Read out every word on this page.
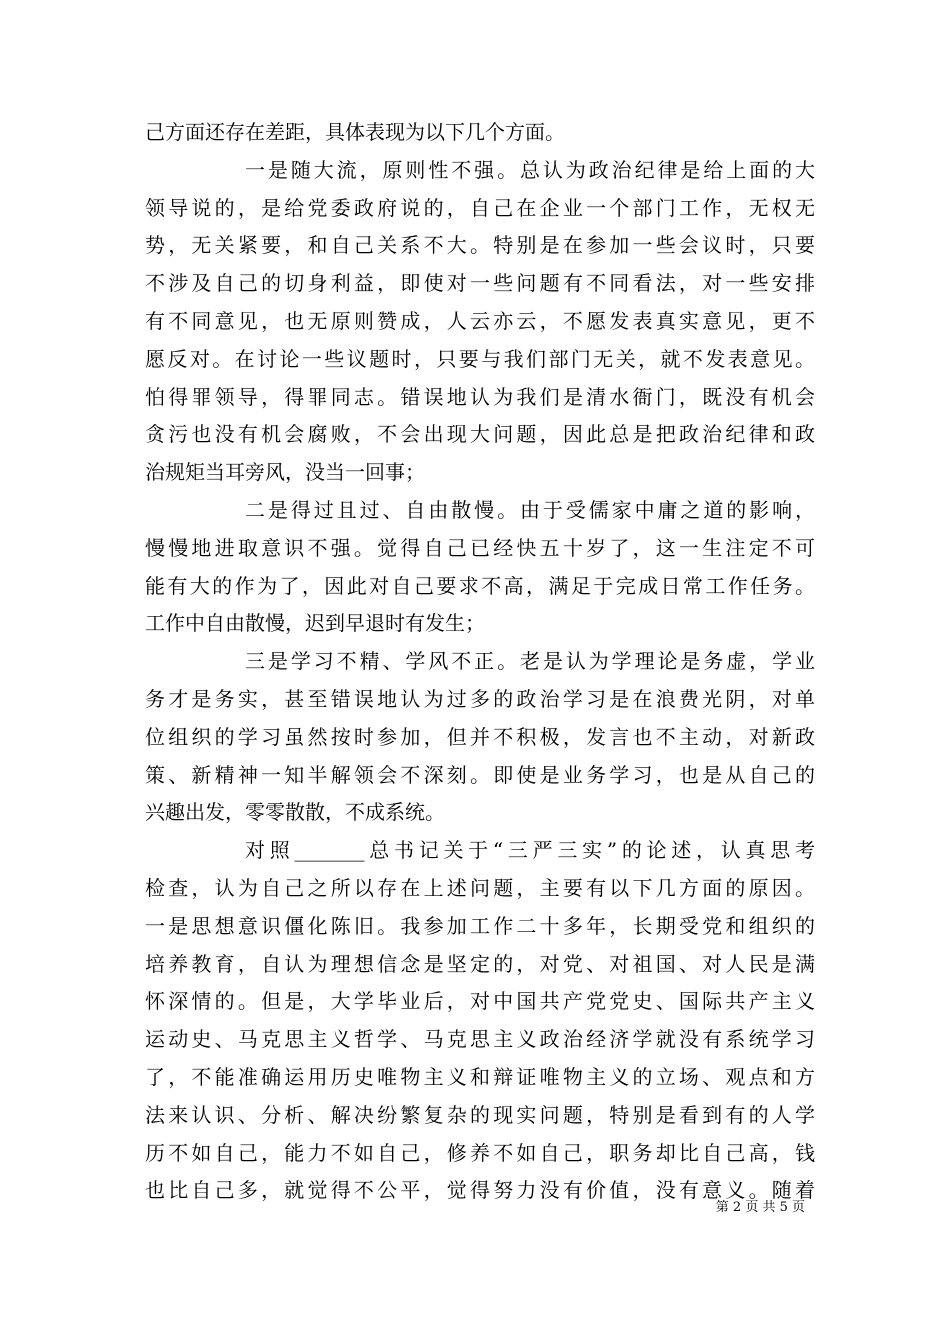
己方面还存在差距，具体表现为以下几个方面。
一是随大流，原则性不强。总认为政治纪律是给上面的大
领导说的，是给党委政府说的，自己在企业一个部门工作，无权无
势，无关紧要，和自己关系不大。特别是在参加一些会议时，只要
不涉及自己的切身利益，即使对一些问题有不同看法，对一些安排
有不同意见，也无原则赞成，人云亦云，不愿发表真实意见，更不
愿反对。在讨论一些议题时，只要与我们部门无关，就不发表意见。
怕得罪领导，得罪同志。错误地认为我们是清水衙门，既没有机会
贪污也没有机会腐败，不会出现大问题，因此总是把政治纪律和政
治规矩当耳旁风，没当一回事；
二是得过且过、自由散慢。由于受儒家中庸之道的影响，
慢慢地进取意识不强。觉得自己已经快五十岁了，这一生注定不可
能有大的作为了，因此对自己要求不高，满足于完成日常工作任务。
工作中自由散慢，迟到早退时有发生；
三是学习不精、学风不正。老是认为学理论是务虚，学业
务才是务实，甚至错误地认为过多的政治学习是在浪费光阴，对单
位组织的学习虽然按时参加，但并不积极，发言也不主动，对新政
策、新精神一知半解领会不深刻。即使是业务学习，也是从自己的
兴趣出发，零零散散，不成系统。
对照_______总书记关于“三严三实”的论述，认真思考
检查，认为自己之所以存在上述问题，主要有以下几方面的原因。
一是思想意识僵化陈旧。我参加工作二十多年，长期受党和组织的
培养教育，自认为理想信念是坚定的，对党、对祖国、对人民是满
怀深情的。但是，大学毕业后，对中国共产党党史、国际共产主义
运动史、马克思主义哲学、马克思主义政治经济学就没有系统学习
了，不能准确运用历史唯物主义和辩证唯物主义的立场、观点和方
法来认识、分析、解决纷繁复杂的现实问题，特别是看到有的人学
历不如自己，能力不如自己，修养不如自己，职务却比自己高，钱
也比自己多，就觉得不公平，觉得努力没有价值，没有意义。随着
第 2 页 共 5 页
